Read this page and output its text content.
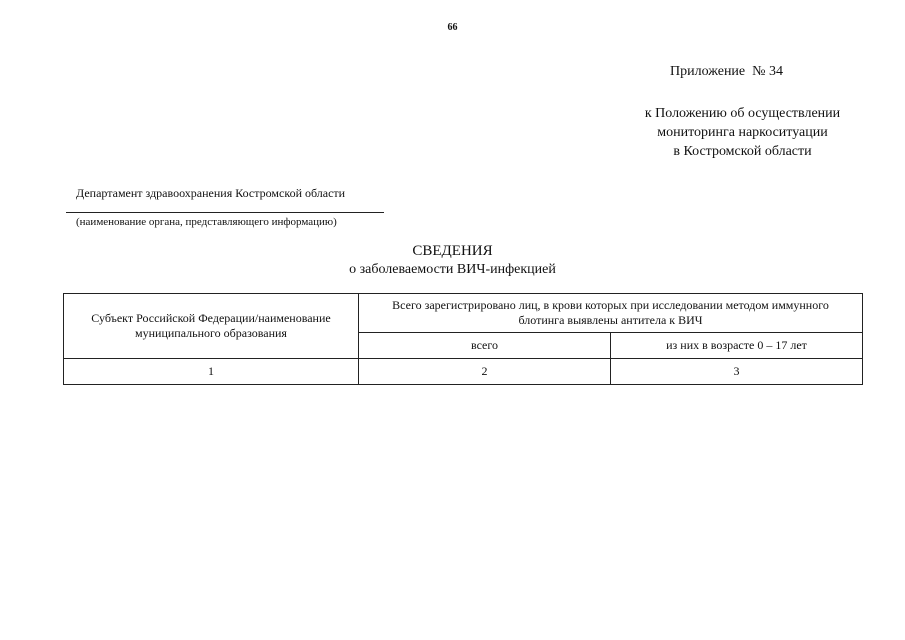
66
Приложение  № 34
к Положению об осуществлении
мониторинга наркоситуации
в Костромской области
Департамент здравоохранения Костромской области
(наименование органа, представляющего информацию)
СВЕДЕНИЯ
о заболеваемости ВИЧ-инфекцией
Субъект Российской Федерации/наименование муниципального образования	Всего зарегистрировано лиц, в крови которых при исследовании методом иммунного блотинга выявлены антитела к ВИЧ	
	всего	из них в возрасте 0 – 17 лет
1	2	3
